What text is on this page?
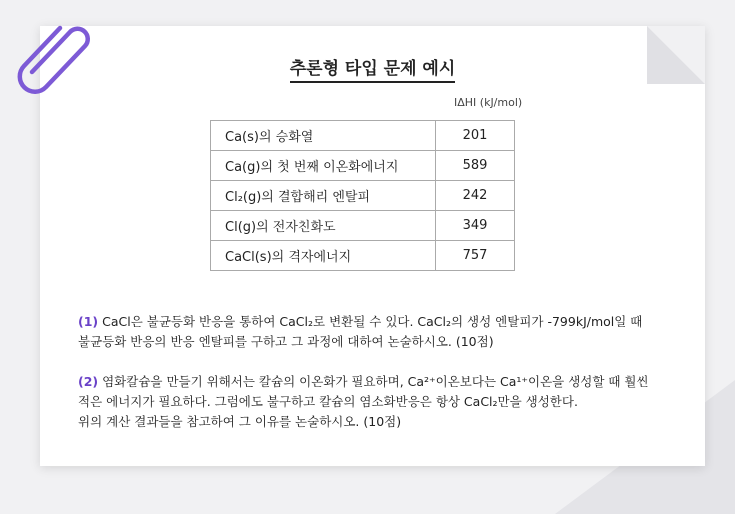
추론형 타입 문제 예시
ΙΔΗΙ (kJ/mol)
Ca(s)의 승화열	201
Ca(g)의 첫 번째 이온화에너지	589
Cl₂(g)의 결합해리 엔탈피	242
Cl(g)의 전자친화도	349
CaCl(s)의 격자에너지	757

(1) CaCl은 불균등화 반응을 통하여 CaCl₂로 변환될 수 있다. CaCl₂의 생성 엔탈피가 -799kJ/mol일 때
불균등화 반응의 반응 엔탈피를 구하고 그 과정에 대하여 논술하시오. (10점)

(2) 염화칼슘을 만들기 위해서는 칼슘의 이온화가 필요하며, Ca²⁺이온보다는 Ca¹⁺이온을 생성할 때 훨씬
적은 에너지가 필요하다. 그럼에도 불구하고 칼슘의 염소화반응은 항상 CaCl₂만을 생성한다.
위의 계산 결과들을 참고하여 그 이유를 논술하시오. (10점)
